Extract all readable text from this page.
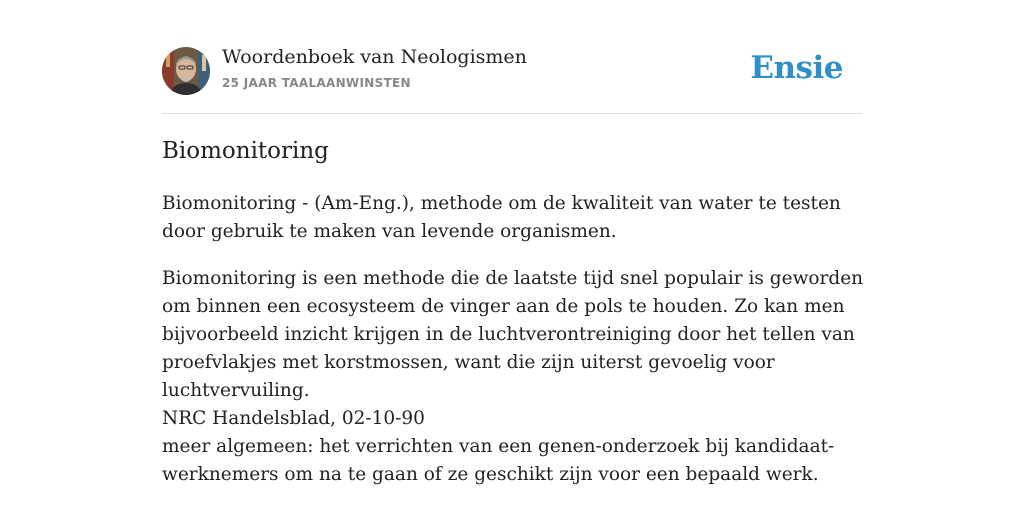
Woordenboek van Neologismen
25 JAAR TAALAANWINSTEN	Ensie
Biomonitoring

Biomonitoring - (Am-Eng.), methode om de kwaliteit van water te testen door gebruik te maken van levende organismen.

Biomonitoring is een methode die de laatste tijd snel populair is geworden om binnen een ecosysteem de vinger aan de pols te houden. Zo kan men bijvoorbeeld inzicht krijgen in de luchtverontreiniging door het tellen van proefvlakjes met korstmossen, want die zijn uiterst gevoelig voor luchtvervuiling.
NRC Handelsblad, 02-10-90

meer algemeen: het verrichten van een genen-onderzoek bij kandidaat-werknemers om na te gaan of ze geschikt zijn voor een bepaald werk.
